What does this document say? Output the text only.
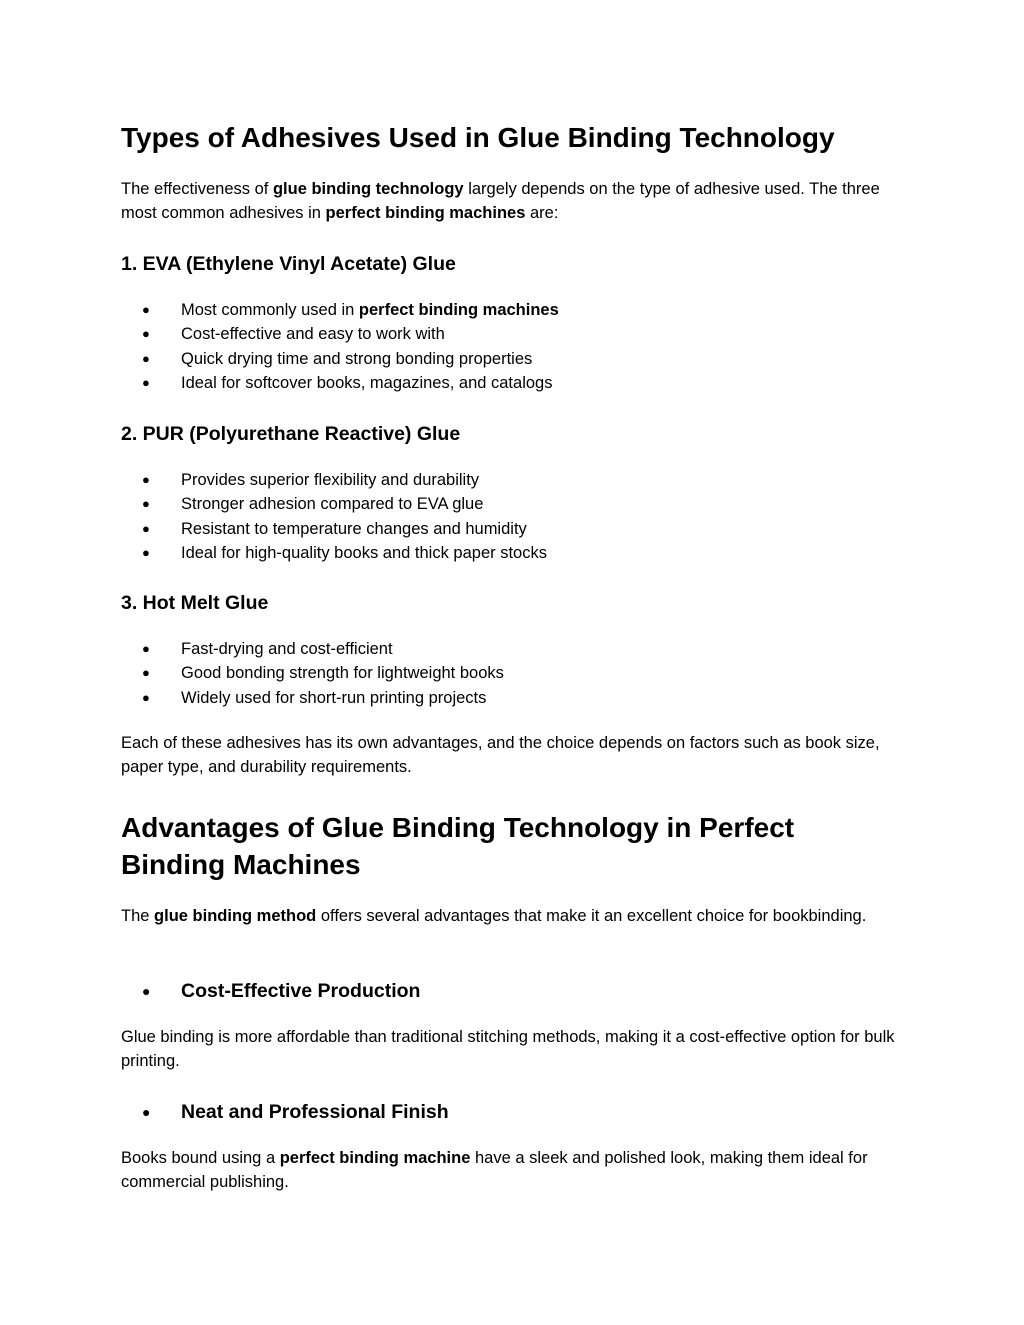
Types of Adhesives Used in Glue Binding Technology

The effectiveness of glue binding technology largely depends on the type of adhesive used. The three most common adhesives in perfect binding machines are:

1. EVA (Ethylene Vinyl Acetate) Glue
● Most commonly used in perfect binding machines
● Cost-effective and easy to work with
● Quick drying time and strong bonding properties
● Ideal for softcover books, magazines, and catalogs
2. PUR (Polyurethane Reactive) Glue
● Provides superior flexibility and durability
● Stronger adhesion compared to EVA glue
● Resistant to temperature changes and humidity
● Ideal for high-quality books and thick paper stocks
3. Hot Melt Glue
● Fast-drying and cost-efficient
● Good bonding strength for lightweight books
● Widely used for short-run printing projects

Each of these adhesives has its own advantages, and the choice depends on factors such as book size, paper type, and durability requirements.

Advantages of Glue Binding Technology in Perfect Binding Machines

The glue binding method offers several advantages that make it an excellent choice for bookbinding.

● Cost-Effective Production

Glue binding is more affordable than traditional stitching methods, making it a cost-effective option for bulk printing.

● Neat and Professional Finish

Books bound using a perfect binding machine have a sleek and polished look, making them ideal for commercial publishing.
